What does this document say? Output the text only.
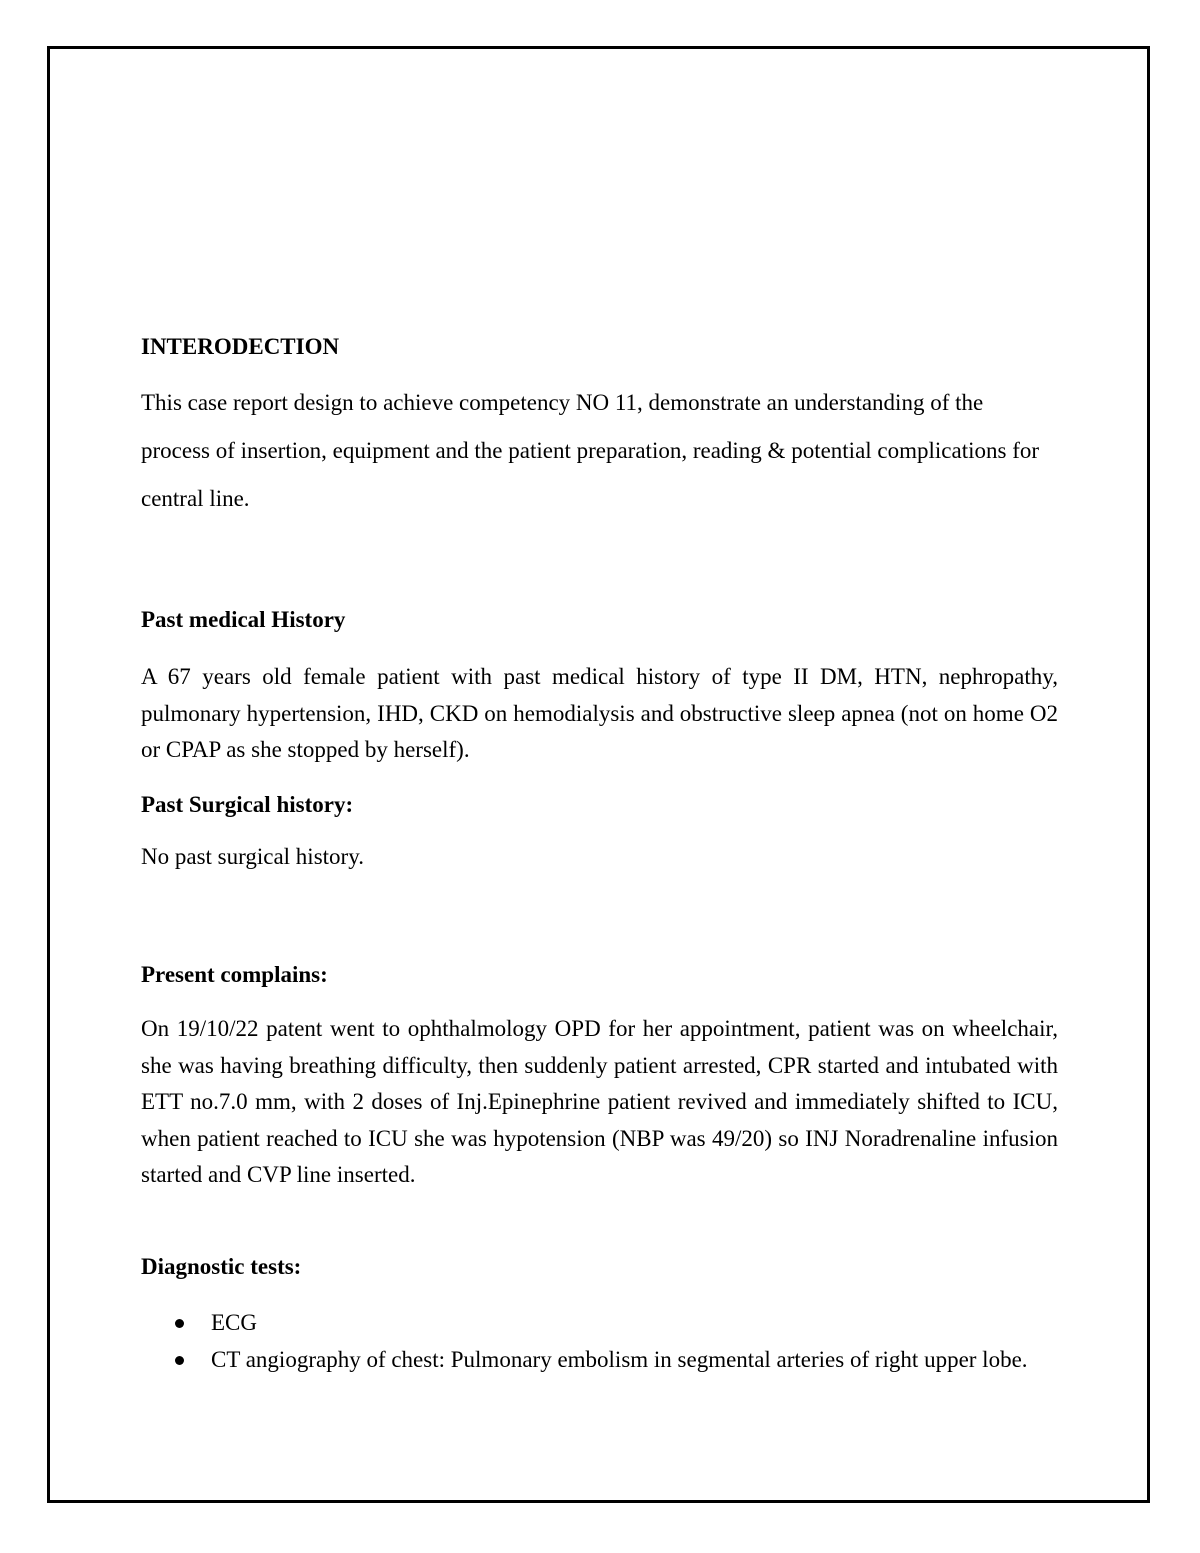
INTERODECTION

This case report design to achieve competency NO 11, demonstrate an understanding of the process of insertion, equipment and the patient preparation, reading & potential complications for central line.

Past medical History

A 67 years old female patient with past medical history of type II DM, HTN, nephropathy, pulmonary hypertension, IHD, CKD on hemodialysis and obstructive sleep apnea (not on home O2 or CPAP as she stopped by herself).

Past Surgical history:

No past surgical history.

Present complains:

On 19/10/22 patent went to ophthalmology OPD for her appointment, patient was on wheelchair, she was having breathing difficulty, then suddenly patient arrested, CPR started and intubated with ETT no.7.0 mm, with 2 doses of Inj.Epinephrine patient revived and immediately shifted to ICU, when patient reached to ICU she was hypotension (NBP was 49/20) so INJ Noradrenaline infusion started and CVP line inserted.

Diagnostic tests:
ECG
CT angiography of chest: Pulmonary embolism in segmental arteries of right upper lobe.
